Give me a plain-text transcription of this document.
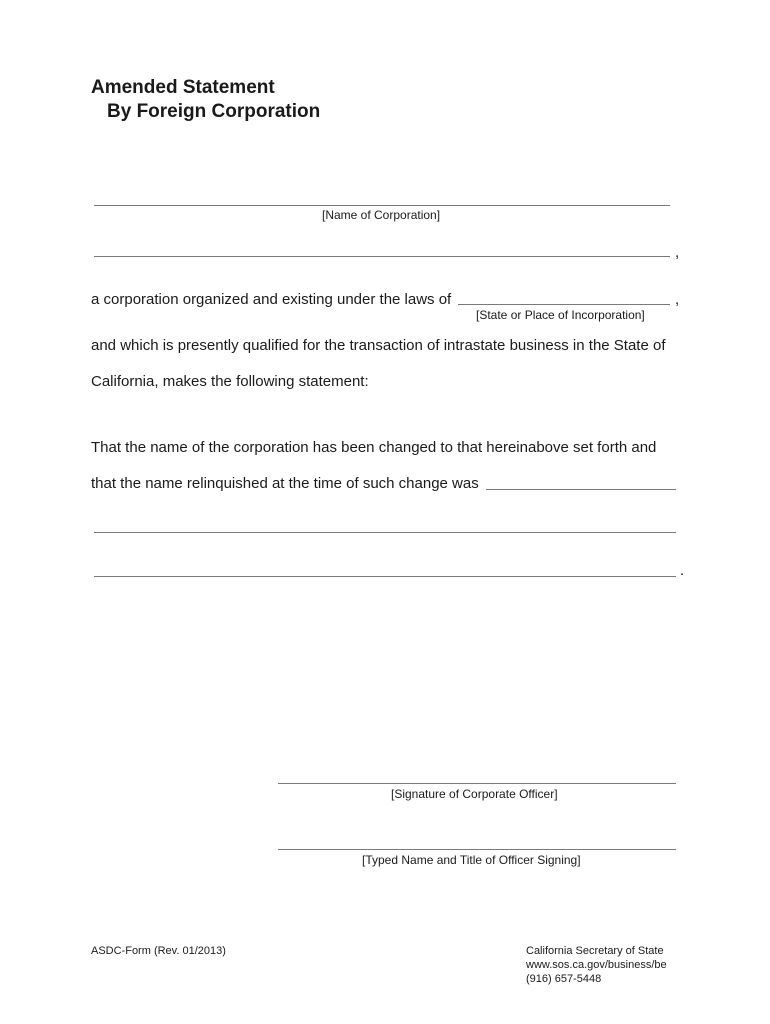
Amended Statement
By Foreign Corporation
[Name of Corporation]
,
a corporation organized and existing under the laws of	,
[State or Place of Incorporation]
and which is presently qualified for the transaction of intrastate business in the State of
California, makes the following statement:
That the name of the corporation has been changed to that hereinabove set forth and
that the name relinquished at the time of such change was
.
[Signature of Corporate Officer]
[Typed Name and Title of Officer Signing]
ASDC-Form (Rev. 01/2013)	California Secretary of State
www.sos.ca.gov/business/be
(916) 657-5448
